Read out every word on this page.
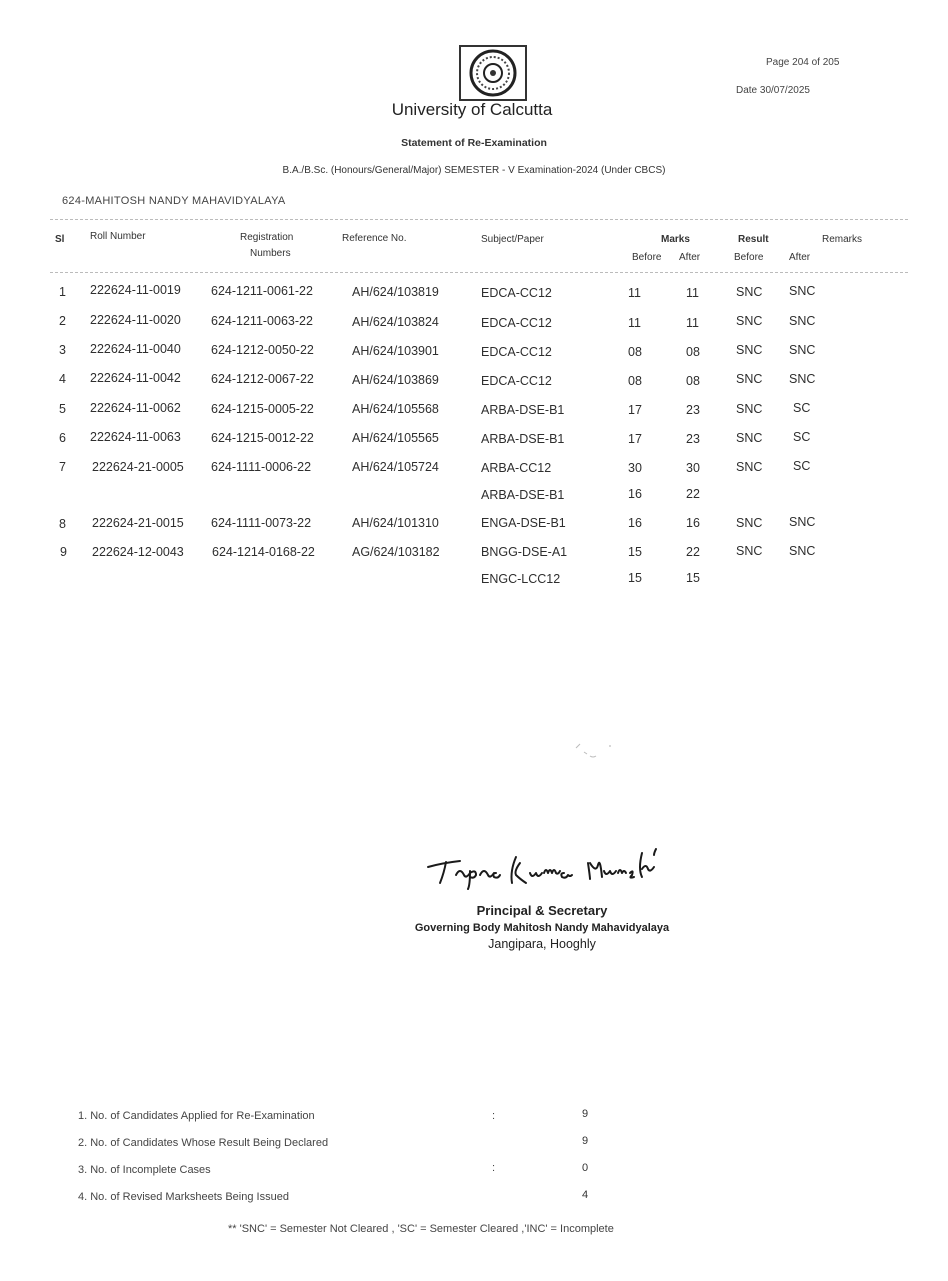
Page 204 of 205
Date 30/07/2025
University of Calcutta
Statement of Re-Examination
B.A./B.Sc. (Honours/General/Major) SEMESTER - V Examination-2024 (Under CBCS)
624-MAHITOSH NANDY MAHAVIDYALAYA
Sl	Roll Number	Registration
Numbers
Reference No.	Subject/Paper	Marks
Before After
Result
Before	After
Remarks
1 222624-11-0019 624-1211-0061-22	AH/624/103819	EDCA-CC12	11	11	SNC SNC
2 222624-11-0020 624-1211-0063-22	AH/624/103824	EDCA-CC12	11	11	SNC SNC
3 222624-11-0040 624-1212-0050-22	AH/624/103901	EDCA-CC12	08	08	SNC SNC
4 222624-11-0042 624-1212-0067-22	AH/624/103869	EDCA-CC12	08	08	SNC SNC
5 222624-11-0062 624-1215-0005-22	AH/624/105568	ARBA-DSE-B1	17	23	SNC SC
6 222624-11-0063 624-1215-0012-22	AH/624/105565	ARBA-DSE-B1	17	23	SNC SC
7 222624-21-0005 624-1111-0006-22	AH/624/105724	ARBA-CC12	30	30	SNC SC
ARBA-DSE-B1	16	22
8 222624-21-0015 624-1111-0073-22	AH/624/101310	ENGA-DSE-B1	16	16	SNC SNC
9 222624-12-0043 624-1214-0168-22	AG/624/103182	BNGG-DSE-A1	15	22	SNC SNC
ENGC-LCC12	15	15
Principal & Secretary
Governing Body Mahitosh Nandy Mahavidyalaya
Jangipara, Hooghly
1. No. of Candidates Applied for Re-Examination	:	9
2. No. of Candidates Whose Result Being Declared	9
3. No. of Incomplete Cases	:	0
4. No. of Revised Marksheets Being Issued	4
** 'SNC' = Semester Not Cleared , 'SC' = Semester Cleared ,'INC' = Incomplete
